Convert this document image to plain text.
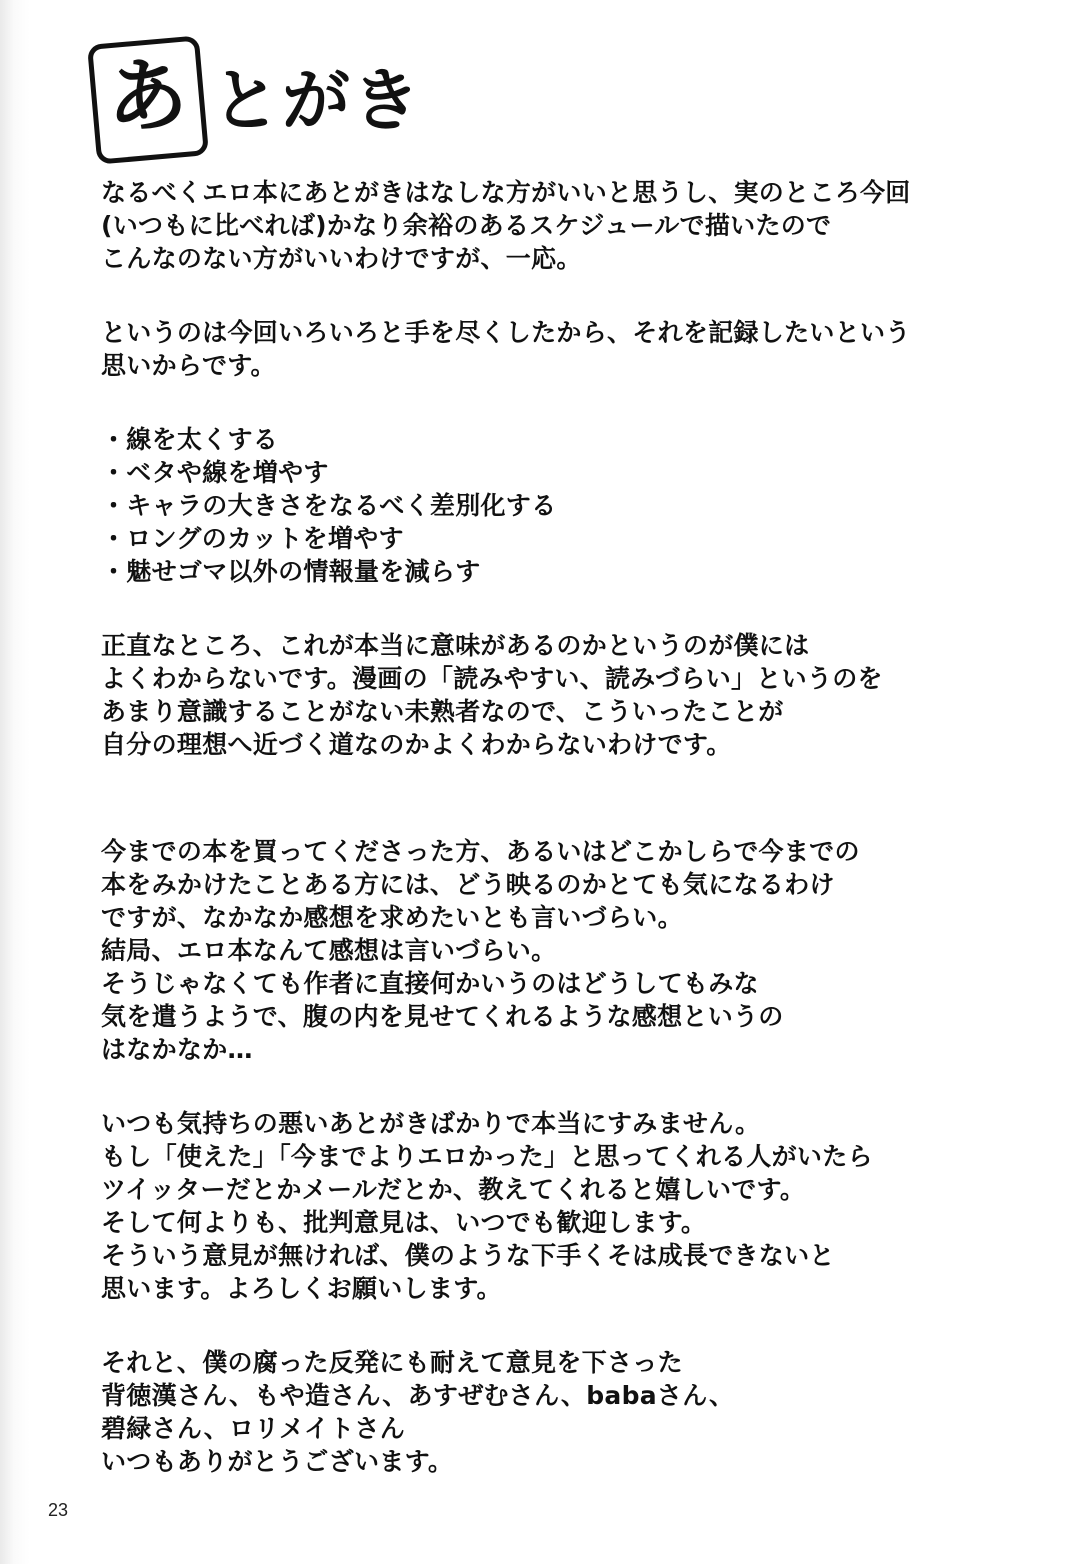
あ とがき
なるべくエロ本にあとがきはなしな方がいいと思うし、実のところ今回
(いつもに比べれば)かなり余裕のあるスケジュールで描いたので
こんなのない方がいいわけですが、一応。
というのは今回いろいろと手を尽くしたから、それを記録したいという
思いからです。
・線を太くする
・ベタや線を増やす
・キャラの大きさをなるべく差別化する
・ロングのカットを増やす
・魅せゴマ以外の情報量を減らす
正直なところ、これが本当に意味があるのかというのが僕には
よくわからないです。漫画の「読みやすい、読みづらい」というのを
あまり意識することがない未熟者なので、こういったことが
自分の理想へ近づく道なのかよくわからないわけです。
今までの本を買ってくださった方、あるいはどこかしらで今までの
本をみかけたことある方には、どう映るのかとても気になるわけ
ですが、なかなか感想を求めたいとも言いづらい。
結局、エロ本なんて感想は言いづらい。
そうじゃなくても作者に直接何かいうのはどうしてもみな
気を遣うようで、腹の内を見せてくれるような感想というの
はなかなか…
いつも気持ちの悪いあとがきばかりで本当にすみません。
もし「使えた」「今までよりエロかった」と思ってくれる人がいたら
ツイッターだとかメールだとか、教えてくれると嬉しいです。
そして何よりも、批判意見は、いつでも歓迎します。
そういう意見が無ければ、僕のような下手くそは成長できないと
思います。よろしくお願いします。
それと、僕の腐った反発にも耐えて意見を下さった
背徳漢さん、もや造さん、あすぜむさん、babaさん、
碧緑さん、ロリメイトさん
いつもありがとうございます。
23
